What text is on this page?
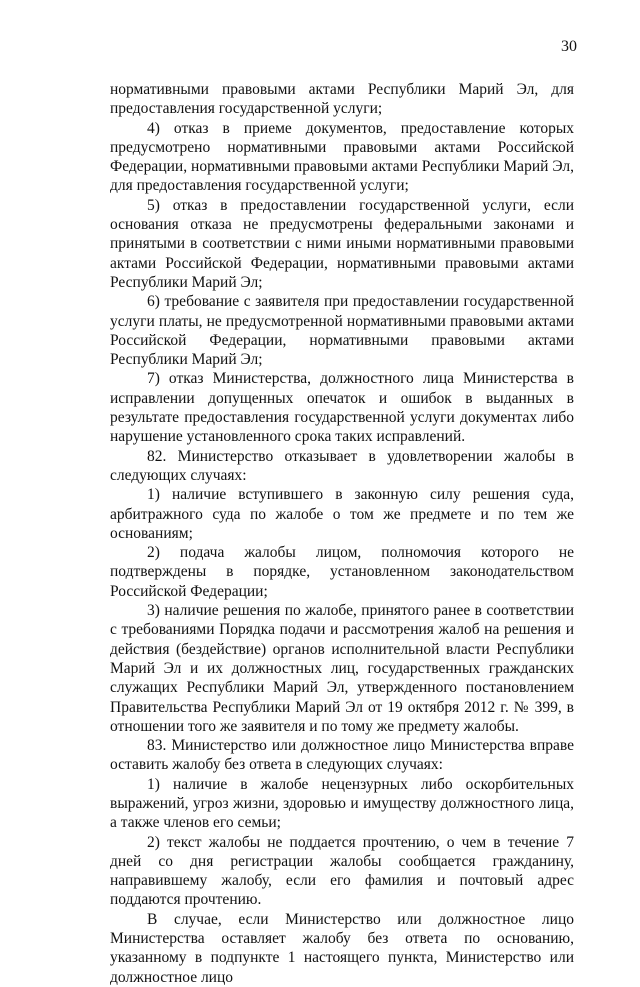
30

нормативными правовыми актами Республики Марий Эл, для предоставления государственной услуги;

4) отказ в приеме документов, предоставление которых предусмотрено нормативными правовыми актами Российской Федерации, нормативными правовыми актами Республики Марий Эл, для предоставления государственной услуги;

5) отказ в предоставлении государственной услуги, если основания отказа не предусмотрены федеральными законами и принятыми в соответствии с ними иными нормативными правовыми актами Российской Федерации, нормативными правовыми актами Республики Марий Эл;

6) требование с заявителя при предоставлении государственной услуги платы, не предусмотренной нормативными правовыми актами Российской Федерации, нормативными правовыми актами Республики Марий Эл;

7) отказ Министерства, должностного лица Министерства в исправлении допущенных опечаток и ошибок в выданных в результате предоставления государственной услуги документах либо нарушение установленного срока таких исправлений.

82. Министерство отказывает в удовлетворении жалобы в следующих случаях:

1) наличие вступившего в законную силу решения суда, арбитражного суда по жалобе о том же предмете и по тем же основаниям;

2) подача жалобы лицом, полномочия которого не подтверждены в порядке, установленном законодательством Российской Федерации;

3) наличие решения по жалобе, принятого ранее в соответствии с требованиями Порядка подачи и рассмотрения жалоб на решения и действия (бездействие) органов исполнительной власти Республики Марий Эл и их должностных лиц, государственных гражданских служащих Республики Марий Эл, утвержденного постановлением Правительства Республики Марий Эл от 19 октября 2012 г. № 399, в отношении того же заявителя и по тому же предмету жалобы.

83. Министерство или должностное лицо Министерства вправе оставить жалобу без ответа в следующих случаях:

1) наличие в жалобе нецензурных либо оскорбительных выражений, угроз жизни, здоровью и имуществу должностного лица, а также членов его семьи;

2) текст жалобы не поддается прочтению, о чем в течение 7 дней со дня регистрации жалобы сообщается гражданину, направившему жалобу, если его фамилия и почтовый адрес поддаются прочтению.

В случае, если Министерство или должностное лицо Министерства оставляет жалобу без ответа по основанию, указанному в подпункте 1 настоящего пункта, Министерство или должностное лицо
